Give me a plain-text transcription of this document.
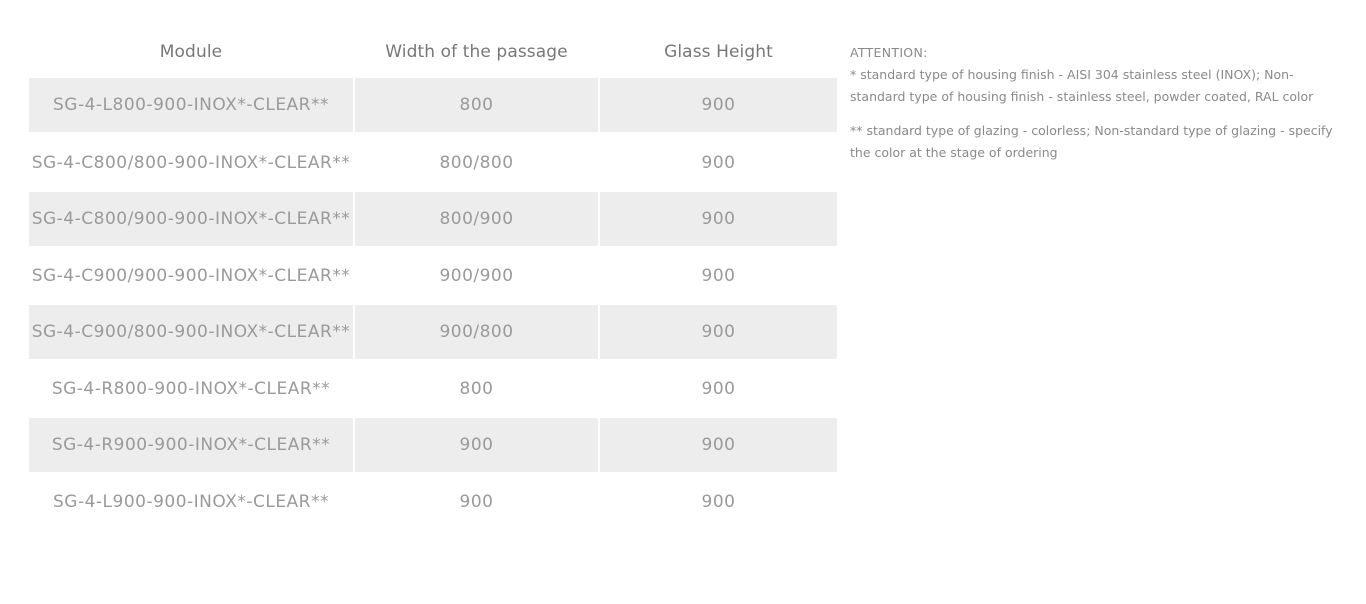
Module	Width of the passage	Glass Height
SG-4-L800-900-INOX*-CLEAR**	800	900
SG-4-C800/800-900-INOX*-CLEAR**	800/800	900
SG-4-C800/900-900-INOX*-CLEAR**	800/900	900
SG-4-C900/900-900-INOX*-CLEAR**	900/900	900
SG-4-C900/800-900-INOX*-CLEAR**	900/800	900
SG-4-R800-900-INOX*-CLEAR**	800	900
SG-4-R900-900-INOX*-CLEAR**	900	900
SG-4-L900-900-INOX*-CLEAR**	900	900
ATTENTION:

* standard type of housing finish - AISI 304 stainless steel (INOX); Non-standard type of housing finish - stainless steel, powder coated, RAL color

** standard type of glazing - colorless; Non-standard type of glazing - specify the color at the stage of ordering
